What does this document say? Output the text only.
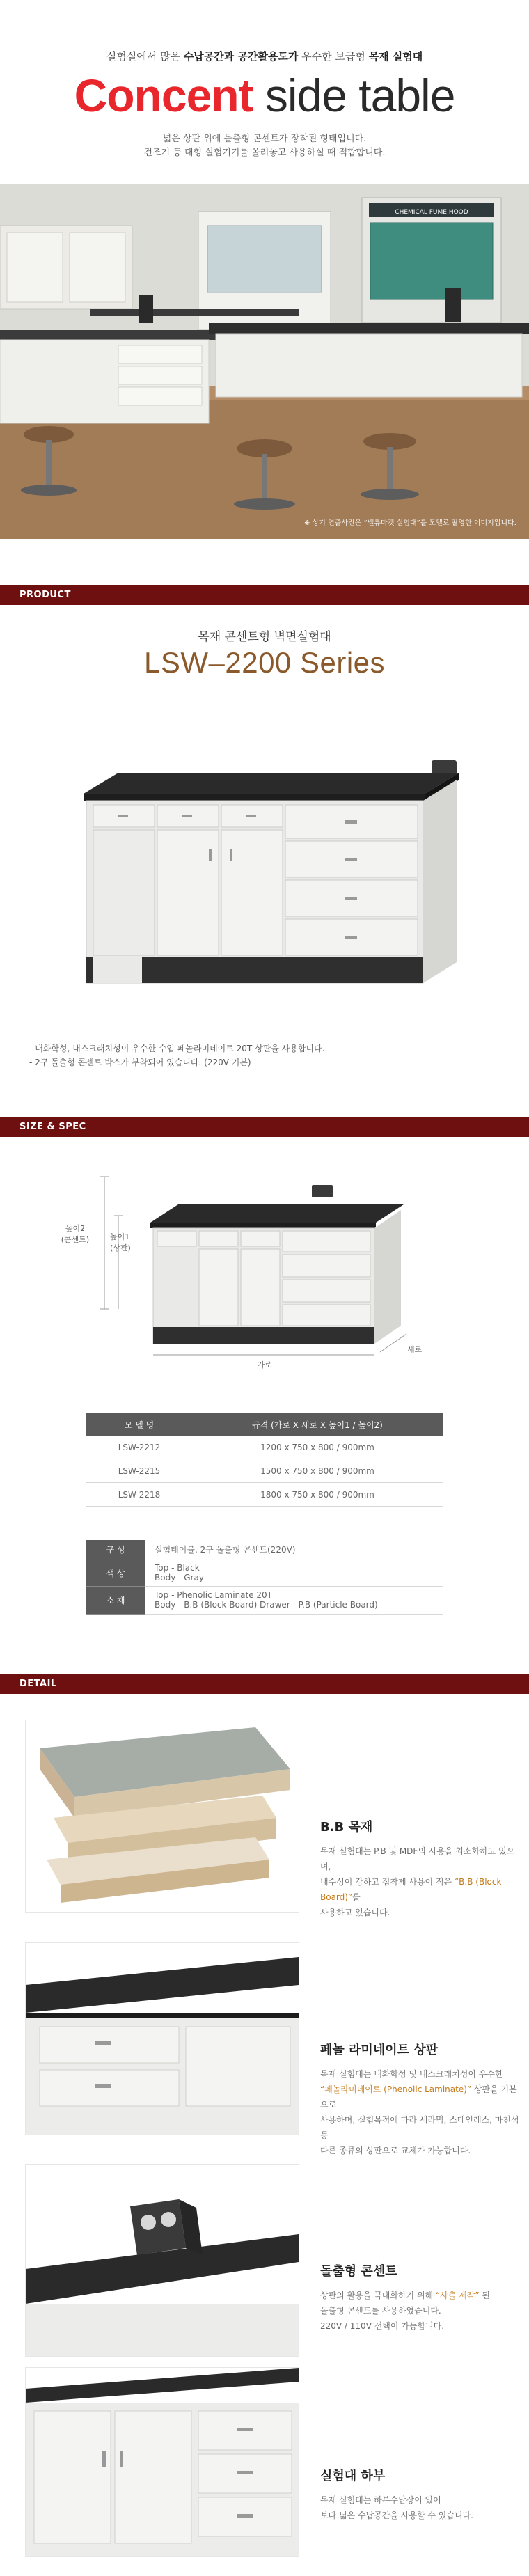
실험실에서 많은 수납공간과 공간활용도가 우수한 보급형 목재 실험대
Concent side table
넓은 상판 위에 돌출형 콘센트가 장착된 형태입니다.
건조기 등 대형 실험기기를 올려놓고 사용하실 때 적합합니다.
CHEMICAL FUME HOOD
※ 상기 연출사진은 “밸류마켓 실험대”를 모델로 촬영한 이미지입니다.
PRODUCT
목재 콘센트형 벽면실험대
LSW–2200 Series
- 내화학성, 내스크래치성이 우수한 수입 페놀라미네이트 20T 상판을 사용합니다.
- 2구 돌출형 콘센트 박스가 부착되어 있습니다. (220V 기본)
SIZE & SPEC
높이2
(콘센트)	높이1
(상판)
가로
세로
모 델 명	규격 (가로 X 세로 X 높이1 / 높이2)
LSW-2212	1200 x 750 x 800 / 900mm
LSW-2215	1500 x 750 x 800 / 900mm
LSW-2218	1800 x 750 x 800 / 900mm
구 성	실험테이블, 2구 돌출형 콘센트(220V)
색 상	Top - Black
Body - Gray

소 재	Top - Phenolic Laminate 20T
Body - B.B (Block Board) Drawer - P.B (Particle Board)
DETAIL
B.B 목재
목재 실험대는 P.B 및 MDF의 사용을 최소화하고 있으며,
내수성이 강하고 접착제 사용이 적은 “B.B (Block Board)”를
사용하고 있습니다.
페놀 라미네이트 상판
목재 실험대는 내화학성 및 내스크래치성이 우수한
“페놀라미네이트 (Phenolic Laminate)” 상판을 기본으로
사용하며, 실험목적에 따라 세라믹, 스테인레스, 마천석 등
다른 종류의 상판으로 교체가 가능합니다.
돌출형 콘센트
상판의 활용을 극대화하기 위해 “사출 제작” 된
돌출형 콘센트를 사용하였습니다.
220V / 110V 선택이 가능합니다.
실험대 하부
목재 실험대는 하부수납장이 있어
보다 넓은 수납공간을 사용할 수 있습니다.
